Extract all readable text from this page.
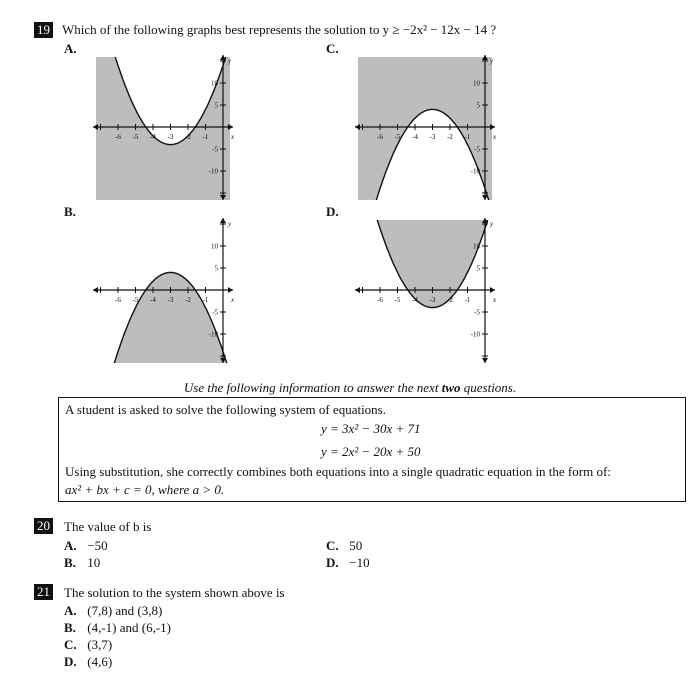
19 Which of the following graphs best represents the solution to y ≥ −2x² − 12x − 14 ?
A.	C.
B.	D.
-6 -5 -4 -3 -2 -1
10
5
-5
-10
x
y
-6 -5 -4 -3 -2 -1
10
5
-5
-10
x
y
-6 -5 -4 -3 -2 -1
10
5
-5
-10
x
y
-6 -5 -4 -3 -2 -1
10
5
-5
-10
x
y
Use the following information to answer the next two questions.
A student is asked to solve the following system of equations.
y = 3x² − 30x + 71
y = 2x² − 20x + 50
Using substitution, she correctly combines both equations into a single quadratic equation in the form of:
ax² + bx + c = 0, where a > 0.
20 The value of b is
A. −50
B. 10
C. 50
D. −10
21 The solution to the system shown above is
A. (7,8) and (3,8)
B. (4,-1) and (6,-1)
C. (3,7)
D. (4,6)
